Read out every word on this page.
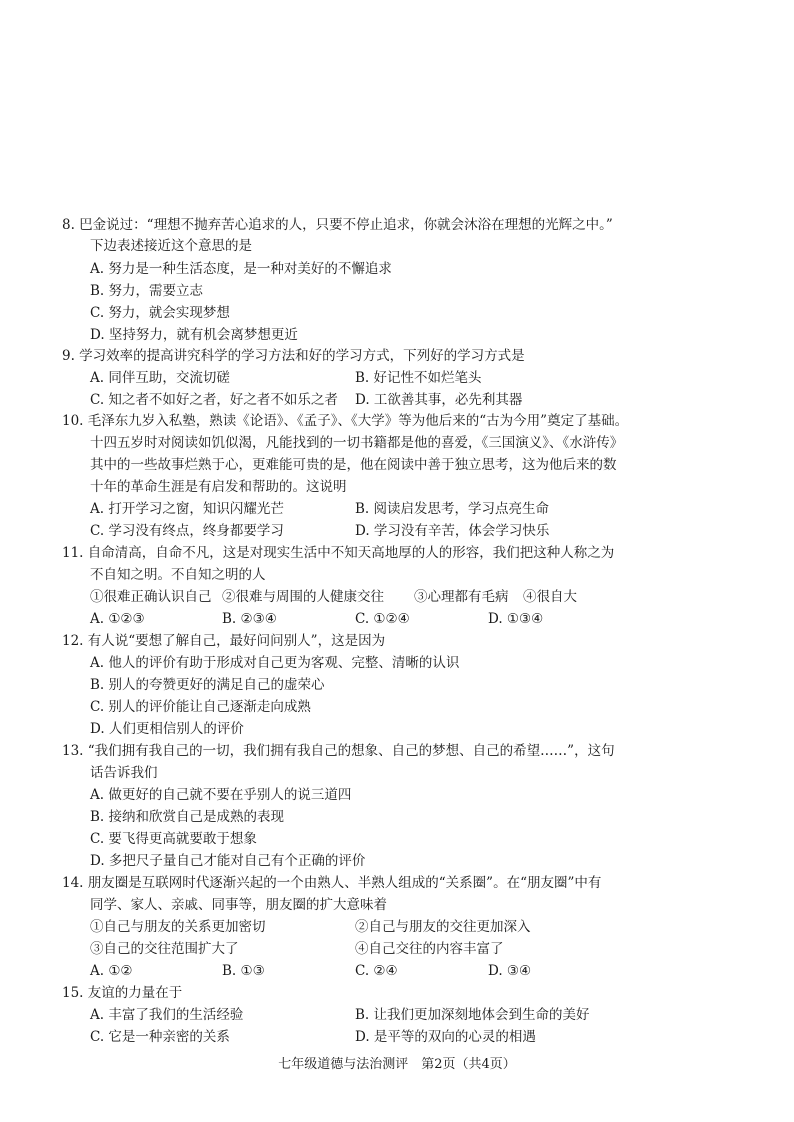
8. 巴金说过：“理想不抛弃苦心追求的人，只要不停止追求，你就会沐浴在理想的光辉之中。”
下边表述接近这个意思的是
A. 努力是一种生活态度，是一种对美好的不懈追求
B. 努力，需要立志
C. 努力，就会实现梦想
D. 坚持努力，就有机会离梦想更近
9. 学习效率的提高讲究科学的学习方法和好的学习方式，下列好的学习方式是
A. 同伴互助，交流切磋	B. 好记性不如烂笔头
C. 知之者不如好之者，好之者不如乐之者 D. 工欲善其事，必先利其器
10. 毛泽东九岁入私塾，熟读《论语》、《孟子》、《大学》等为他后来的“古为今用”奠定了基础。
十四五岁时对阅读如饥似渴，凡能找到的一切书籍都是他的喜爱，《三国演义》、《水浒传》
其中的一些故事烂熟于心，更难能可贵的是，他在阅读中善于独立思考，这为他后来的数
十年的革命生涯是有启发和帮助的。这说明
A. 打开学习之窗，知识闪耀光芒	B. 阅读启发思考，学习点亮生命
C. 学习没有终点，终身都要学习	D. 学习没有辛苦，体会学习快乐
11. 自命清高，自命不凡，这是对现实生活中不知天高地厚的人的形容，我们把这种人称之为
不自知之明。不自知之明的人
①很难正确认识自己 ②很难与周围的人健康交往 ③心理都有毛病 ④很自大
A. ①②③	B. ②③④	C. ①②④	D. ①③④
12. 有人说“要想了解自己，最好问问别人”，这是因为
A. 他人的评价有助于形成对自己更为客观、完整、清晰的认识
B. 别人的夸赞更好的满足自己的虚荣心
C. 别人的评价能让自己逐渐走向成熟
D. 人们更相信别人的评价
13. “我们拥有我自己的一切，我们拥有我自己的想象、自己的梦想、自己的希望……”，这句
话告诉我们
A. 做更好的自己就不要在乎别人的说三道四
B. 接纳和欣赏自己是成熟的表现
C. 要飞得更高就要敢于想象
D. 多把尺子量自己才能对自己有个正确的评价
14. 朋友圈是互联网时代逐渐兴起的一个由熟人、半熟人组成的“关系圈”。在“朋友圈”中有
同学、家人、亲戚、同事等，朋友圈的扩大意味着
①自己与朋友的关系更加密切	②自己与朋友的交往更加深入
③自己的交往范围扩大了	④自己交往的内容丰富了
A. ①②	B. ①③	C. ②④	D. ③④
15. 友谊的力量在于
A. 丰富了我们的生活经验	B. 让我们更加深刻地体会到生命的美好
C. 它是一种亲密的关系	D. 是平等的双向的心灵的相遇
七年级道德与法治测评　第2页（共4页）
